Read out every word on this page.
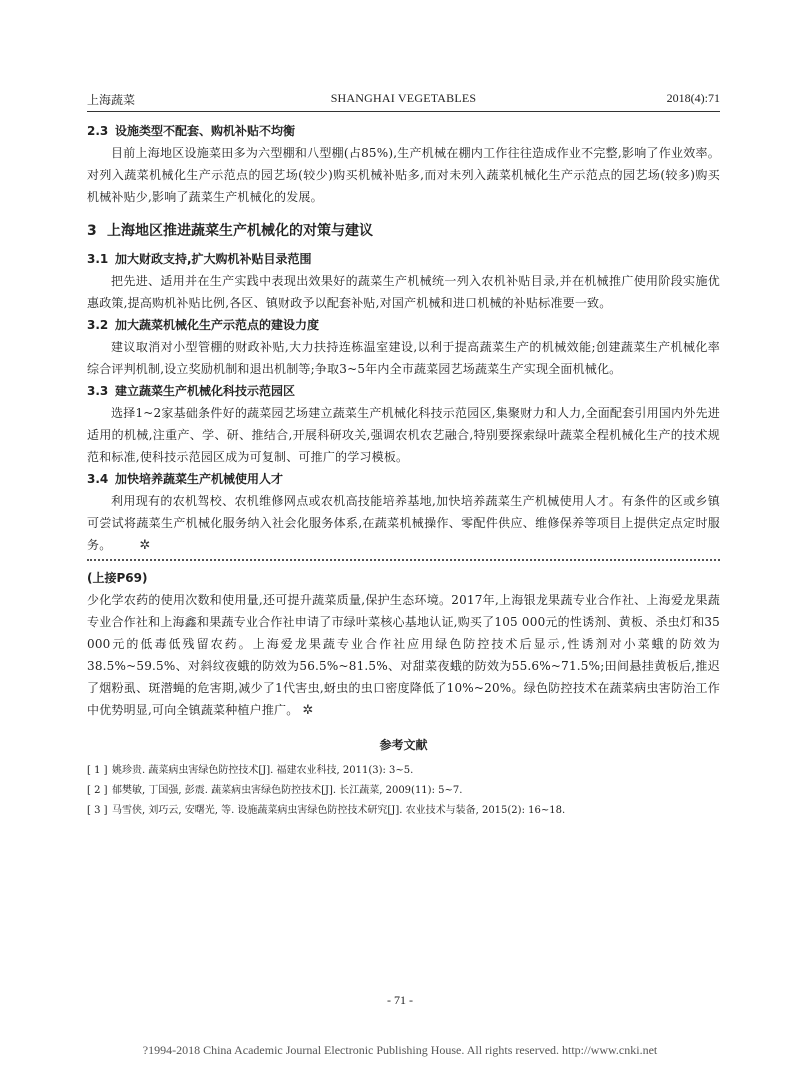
上海蔬菜	SHANGHAI VEGETABLES	2018(4):71
2.3 设施类型不配套、购机补贴不均衡
目前上海地区设施菜田多为六型棚和八型棚(占85%),生产机械在棚内工作往往造成作业不完整,影响了作业效率。对列入蔬菜机械化生产示范点的园艺场(较少)购买机械补贴多,而对未列入蔬菜机械化生产示范点的园艺场(较多)购买机械补贴少,影响了蔬菜生产机械化的发展。
3 上海地区推进蔬菜生产机械化的对策与建议
3.1 加大财政支持,扩大购机补贴目录范围
把先进、适用并在生产实践中表现出效果好的蔬菜生产机械统一列入农机补贴目录,并在机械推广使用阶段实施优惠政策,提高购机补贴比例,各区、镇财政予以配套补贴,对国产机械和进口机械的补贴标准要一致。
3.2 加大蔬菜机械化生产示范点的建设力度
建议取消对小型管棚的财政补贴,大力扶持连栋温室建设,以利于提高蔬菜生产的机械效能;创建蔬菜生产机械化率综合评判机制,设立奖励机制和退出机制等;争取3~5年内全市蔬菜园艺场蔬菜生产实现全面机械化。
3.3 建立蔬菜生产机械化科技示范园区
选择1~2家基础条件好的蔬菜园艺场建立蔬菜生产机械化科技示范园区,集聚财力和人力,全面配套引用国内外先进适用的机械,注重产、学、研、推结合,开展科研攻关,强调农机农艺融合,特别要探索绿叶蔬菜全程机械化生产的技术规范和标准,使科技示范园区成为可复制、可推广的学习模板。
3.4 加快培养蔬菜生产机械使用人才
利用现有的农机驾校、农机维修网点或农机高技能培养基地,加快培养蔬菜生产机械使用人才。有条件的区或乡镇可尝试将蔬菜生产机械化服务纳入社会化服务体系,在蔬菜机械操作、零配件供应、维修保养等项目上提供定点定时服务。 ✲
(上接P69)
少化学农药的使用次数和使用量,还可提升蔬菜质量,保护生态环境。2017年,上海银龙果蔬专业合作社、上海爱龙果蔬专业合作社和上海鑫和果蔬专业合作社申请了市绿叶菜核心基地认证,购买了105 000元的性诱剂、黄板、杀虫灯和35 000元的低毒低残留农药。上海爱龙果蔬专业合作社应用绿色防控技术后显示,性诱剂对小菜蛾的防效为38.5%~59.5%、对斜纹夜蛾的防效为56.5%~81.5%、对甜菜夜蛾的防效为55.6%~71.5%;田间悬挂黄板后,推迟了烟粉虱、斑潜蝇的危害期,减少了1代害虫,蚜虫的虫口密度降低了10%~20%。绿色防控技术在蔬菜病虫害防治工作中优势明显,可向全镇蔬菜种植户推广。 ✲
参考文献
[ 1 ] 姚珍贵. 蔬菜病虫害绿色防控技术[J]. 福建农业科技, 2011(3): 3~5.
[ 2 ] 郁樊敏, 丁国强, 彭震. 蔬菜病虫害绿色防控技术[J]. 长江蔬菜, 2009(11): 5~7.
[ 3 ] 马雪侠, 刘巧云, 安曙光, 等. 设施蔬菜病虫害绿色防控技术研究[J]. 农业技术与装备, 2015(2): 16~18.
- 71 -
?1994-2018 China Academic Journal Electronic Publishing House. All rights reserved. http://www.cnki.net
